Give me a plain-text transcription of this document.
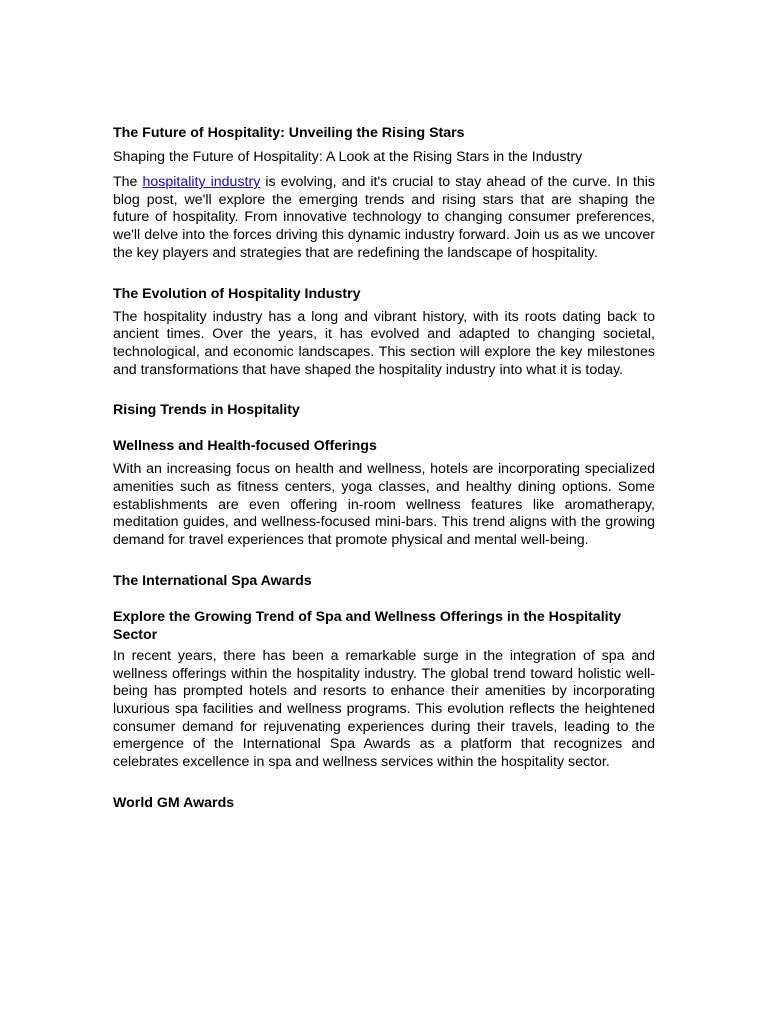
The Future of Hospitality: Unveiling the Rising Stars

Shaping the Future of Hospitality: A Look at the Rising Stars in the Industry

The hospitality industry is evolving, and it's crucial to stay ahead of the curve. In this blog post, we'll explore the emerging trends and rising stars that are shaping the future of hospitality. From innovative technology to changing consumer preferences, we'll delve into the forces driving this dynamic industry forward. Join us as we uncover the key players and strategies that are redefining the landscape of hospitality.

The Evolution of Hospitality Industry

The hospitality industry has a long and vibrant history, with its roots dating back to ancient times. Over the years, it has evolved and adapted to changing societal, technological, and economic landscapes. This section will explore the key milestones and transformations that have shaped the hospitality industry into what it is today.

Rising Trends in Hospitality

Wellness and Health-focused Offerings

With an increasing focus on health and wellness, hotels are incorporating specialized amenities such as fitness centers, yoga classes, and healthy dining options. Some establishments are even offering in-room wellness features like aromatherapy, meditation guides, and wellness-focused mini-bars. This trend aligns with the growing demand for travel experiences that promote physical and mental well-being.

The International Spa Awards

Explore the Growing Trend of Spa and Wellness Offerings in the Hospitality Sector

In recent years, there has been a remarkable surge in the integration of spa and wellness offerings within the hospitality industry. The global trend toward holistic well-being has prompted hotels and resorts to enhance their amenities by incorporating luxurious spa facilities and wellness programs. This evolution reflects the heightened consumer demand for rejuvenating experiences during their travels, leading to the emergence of the International Spa Awards as a platform that recognizes and celebrates excellence in spa and wellness services within the hospitality sector.

World GM Awards
